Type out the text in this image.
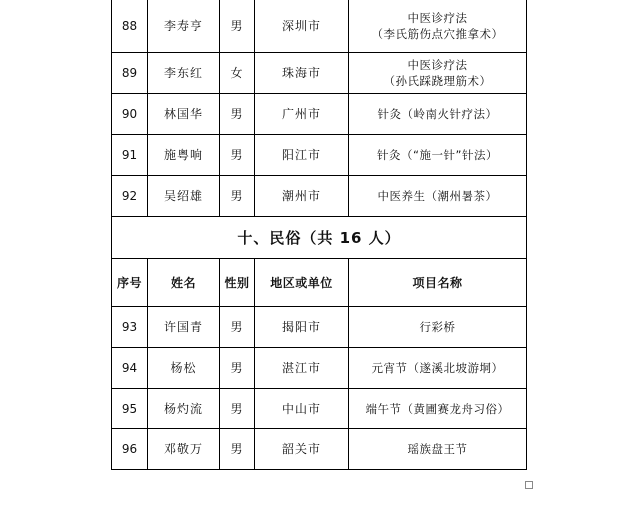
88	李寿亨	男	深圳市	中医诊疗法
（李氏筋伤点穴推拿术）

89	李东红	女	珠海市	中医诊疗法
（孙氏踩跷理筋术）

90	林国华	男	广州市	针灸（岭南火针疗法）
91	施粤响	男	阳江市	针灸（“施一针”针法）
92	吴绍雄	男	潮州市	中医养生（潮州暑茶）
十、民俗（共 16 人）				
序号	姓名	性别	地区或单位	项目名称
93	许国青	男	揭阳市	行彩桥
94	杨松	男	湛江市	元宵节（遂溪北坡游垌）
95	杨灼流	男	中山市	端午节（黄圃赛龙舟习俗）
96	邓敬万	男	韶关市	瑶族盘王节
